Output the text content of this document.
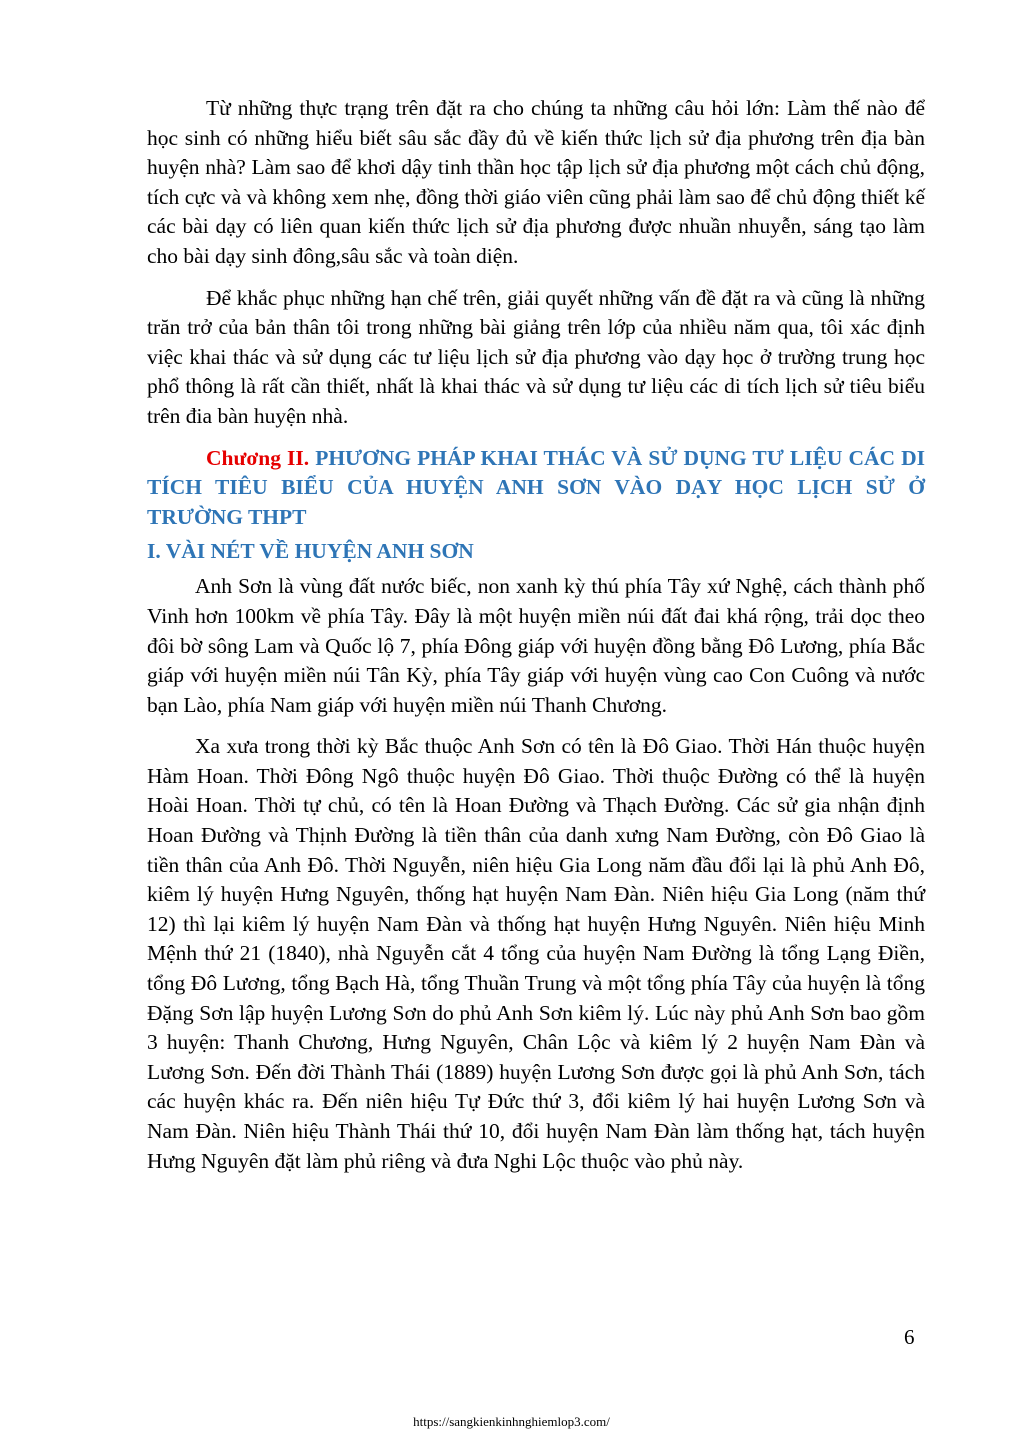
Từ những thực trạng trên đặt ra cho chúng ta những câu hỏi lớn: Làm thế nào để học sinh có những hiểu biết sâu sắc đầy đủ về kiến thức lịch sử địa phương trên địa bàn huyện nhà? Làm sao để khơi dậy tinh thần học tập lịch sử địa phương một cách chủ động, tích cực và và không xem nhẹ, đồng thời giáo viên cũng phải làm sao để chủ động thiết kế các bài dạy có liên quan kiến thức lịch sử địa phương được nhuần nhuyễn, sáng tạo làm cho bài dạy sinh đông,sâu sắc và toàn diện.

Để khắc phục những hạn chế trên, giải quyết những vấn đề đặt ra và cũng là những trăn trở của bản thân tôi trong những bài giảng trên lớp của nhiều năm qua, tôi xác định việc khai thác và sử dụng các tư liệu lịch sử địa phương vào dạy học ở trường trung học phổ thông là rất cần thiết, nhất là khai thác và sử dụng tư liệu các di tích lịch sử tiêu biểu trên đia bàn huyện nhà.

Chương II. PHƯƠNG PHÁP KHAI THÁC VÀ SỬ DỤNG TƯ LIỆU CÁC DI TÍCH TIÊU BIỂU CỦA HUYỆN ANH SƠN VÀO DẠY HỌC LỊCH SỬ Ở TRƯỜNG THPT
I. VÀI NÉT VỀ HUYỆN ANH SƠN

Anh Sơn là vùng đất nước biếc, non xanh kỳ thú phía Tây xứ Nghệ, cách thành phố Vinh hơn 100km về phía Tây. Đây là một huyện miền núi đất đai khá rộng, trải dọc theo đôi bờ sông Lam và Quốc lộ 7, phía Đông giáp với huyện đồng bằng Đô Lương, phía Bắc giáp với huyện miền núi Tân Kỳ, phía Tây giáp với huyện vùng cao Con Cuông và nước bạn Lào, phía Nam giáp với huyện miền núi Thanh Chương.

Xa xưa trong thời kỳ Bắc thuộc Anh Sơn có tên là Đô Giao. Thời Hán thuộc huyện Hàm Hoan. Thời Đông Ngô thuộc huyện Đô Giao. Thời thuộc Đường có thể là huyện Hoài Hoan. Thời tự chủ, có tên là Hoan Đường và Thạch Đường. Các sử gia nhận định Hoan Đường và Thịnh Đường là tiền thân của danh xưng Nam Đường, còn Đô Giao là tiền thân của Anh Đô. Thời Nguyễn, niên hiệu Gia Long năm đầu đổi lại là phủ Anh Đô, kiêm lý huyện Hưng Nguyên, thống hạt huyện Nam Đàn. Niên hiệu Gia Long (năm thứ 12) thì lại kiêm lý huyện Nam Đàn và thống hạt huyện Hưng Nguyên. Niên hiệu Minh Mệnh thứ 21 (1840), nhà Nguyễn cắt 4 tổng của huyện Nam Đường là tổng Lạng Điền, tổng Đô Lương, tổng Bạch Hà, tổng Thuần Trung và một tổng phía Tây của huyện là tổng Đặng Sơn lập huyện Lương Sơn do phủ Anh Sơn kiêm lý. Lúc này phủ Anh Sơn bao gồm 3 huyện: Thanh Chương, Hưng Nguyên, Chân Lộc và kiêm lý 2 huyện Nam Đàn và Lương Sơn. Đến đời Thành Thái (1889) huyện Lương Sơn được gọi là phủ Anh Sơn, tách các huyện khác ra. Đến niên hiệu Tự Đức thứ 3, đổi kiêm lý hai huyện Lương Sơn và Nam Đàn. Niên hiệu Thành Thái thứ 10, đổi huyện Nam Đàn làm thống hạt, tách huyện Hưng Nguyên đặt làm phủ riêng và đưa Nghi Lộc thuộc vào phủ này.

6
https://sangkienkinhnghiemlop3.com/
